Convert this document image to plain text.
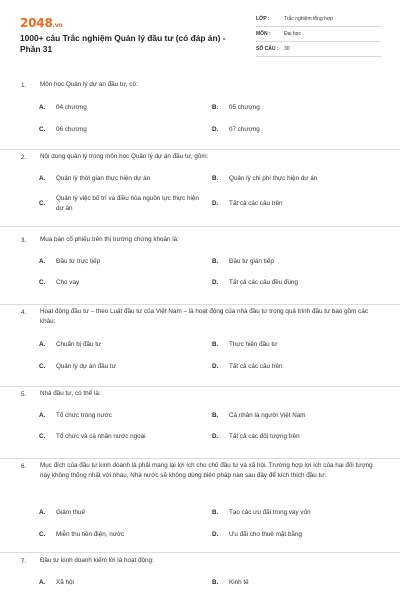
2048.vn
1000+ câu Trắc nghiệm Quản lý đầu tư (có đáp án) - Phần 31
LỚP :	Trắc nghiệm tổng hợp
MÔN :	Đại học
SỐ CÂU :	30
1. Môn học Quản lý dự án đầu tư, có:
A.	04 chương	B.	05 chương
C.	06 chương	D.	07 chương
2. Nội dung quản lý trong môn học Quản lý dự án đầu tư, gồm:
A.	Quản lý thời gian thực hiện dự án	B.	Quản lý chi phí thực hiện dự án
C.
Quản lý việc bố trí và điều hòa nguồn lực thực hiện dự án
D.	Tất cả các câu trên
3. Mua bán cổ phiếu trên thị trường chứng khoán là:
A.	Đầu tư trực tiếp	B.	Đầu tư gián tiếp
C.	Cho vay	D.	Tất cả các câu đều đúng
4. Hoạt động đầu tư – theo Luật đầu tư của Việt Nam – là hoạt động của nhà đầu tư trong quá trình đầu tư bao gồm các khâu:
A.	Chuẩn bị đầu tư	B.	Thực hiện đầu tư
C.	Quản lý dự án đầu tư	D.	Tất cả các câu trên
5. Nhà đầu tư, có thể là:
A.	Tổ chức trong nước	B.	Cá nhân là người Việt Nam
C.	Tổ chức và cá nhân nước ngoài	D.	Tất cả các đối tượng trên
6. Mục đích của đầu tư kinh doanh là phải mang lại lợi ích cho chủ đầu tư và xã hội. Trường hợp lợi ích của hai đối tượng này không thống nhất với nhau, Nhà nước sẽ không dùng biện pháp nào sau đây để kích thích đầu tư:
A.	Giảm thuế	B.	Tạo các ưu đãi trong vay vốn
C.	Miễn thu tiền điện, nước	D.	Ưu đãi cho thuê mặt bằng
7. Đầu tư kinh doanh kiếm lời là hoạt động:
A.	Xã hội	B.	Kinh tế
